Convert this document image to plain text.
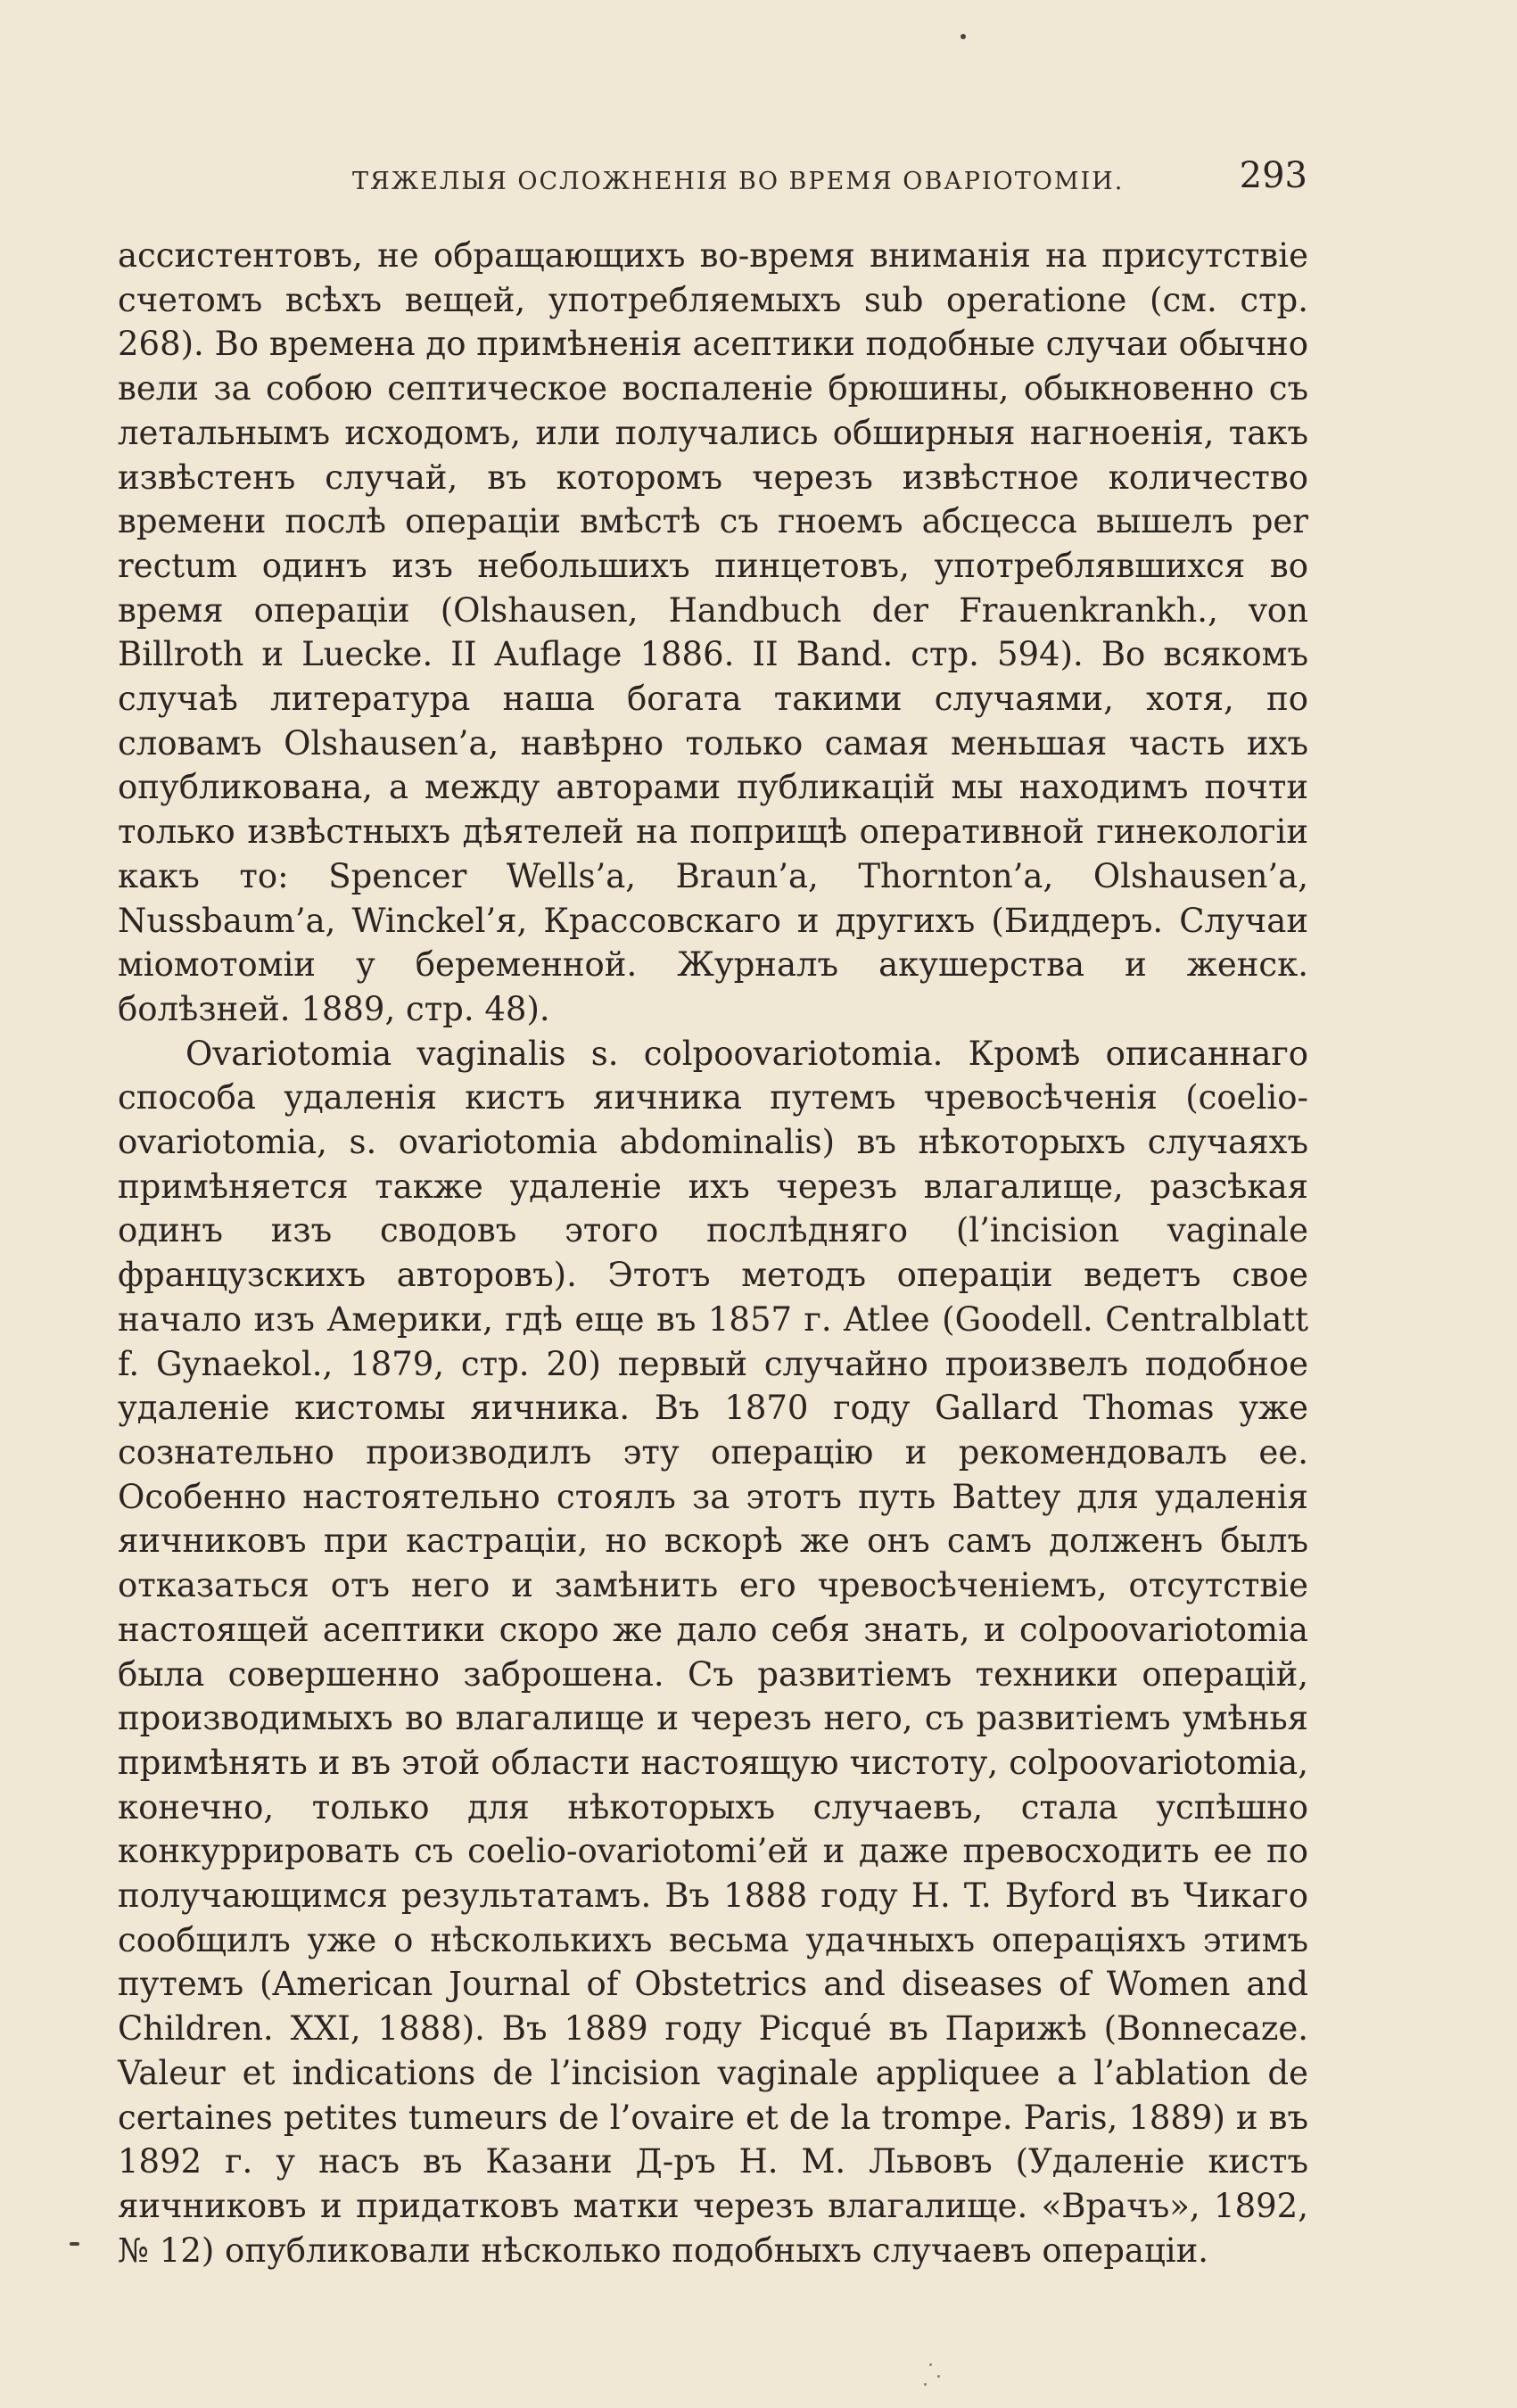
ТЯЖЕЛЫЯ ОСЛОЖНЕНІЯ ВО ВРЕМЯ ОВАРІОТОМІИ.	293

ассистентовъ, не обращающихъ во-время вниманія на присутствіе счетомъ всѣхъ вещей, употребляемыхъ sub operatione (см. стр. 268). Во времена до примѣненія асептики подобные случаи обычно вели за собою септическое воспаленіе брюшины, обыкновенно съ летальнымъ исходомъ, или получались обширныя нагноенія, такъ извѣстенъ случай, въ которомъ черезъ извѣстное количество времени послѣ операціи вмѣстѣ съ гноемъ абсцесса вышелъ per rectum одинъ изъ небольшихъ пинцетовъ, употреблявшихся во время операціи (Olshausen, Handbuch der Frauenkrankh., von Billroth и Luecke. II Auflage 1886. II Band. стр. 594). Во всякомъ случаѣ литература наша богата такими случаями, хотя, по словамъ Olshausen’а, навѣрно только самая меньшая часть ихъ опубликована, а между авторами публикацій мы находимъ почти только извѣстныхъ дѣятелей на поприщѣ оперативной гинекологіи какъ то: Spencer Wells’а, Braun’а, Thornton’а, Olshausen’а, Nussbaum’а, Winckel’я, Крассовскаго и другихъ (Биддеръ. Случаи міомотоміи у беременной. Журналъ акушерства и женск. болѣзней. 1889, стр. 48).

Ovariotomia vaginalis s. colpoovariotomia. Кромѣ описаннаго способа удаленія кистъ яичника путемъ чревосѣченія (coelio-ovariotomia, s. ovariotomia abdominalis) въ нѣкоторыхъ случаяхъ примѣняется также удаленіе ихъ черезъ влагалище, разсѣкая одинъ изъ сводовъ этого послѣдняго (l’incision vaginale французскихъ авторовъ). Этотъ методъ операціи ведетъ свое начало изъ Америки, гдѣ еще въ 1857 г. Atlee (Goodell. Centralblatt f. Gynaekol., 1879, стр. 20) первый случайно произвелъ подобное удаленіе кистомы яичника. Въ 1870 году Gallard Thomas уже сознательно производилъ эту операцію и рекомендовалъ ее. Особенно настоятельно стоялъ за этотъ путь Battey для удаленія яичниковъ при кастраціи, но вскорѣ же онъ самъ долженъ былъ отказаться отъ него и замѣнить его чревосѣченіемъ, отсутствіе настоящей асептики скоро же дало себя знать, и colpoovariotomia была совершенно заброшена. Съ развитіемъ техники операцій, производимыхъ во влагалище и черезъ него, съ развитіемъ умѣнья примѣнять и въ этой области настоящую чистоту, colpoovariotomia, конечно, только для нѣкоторыхъ случаевъ, стала успѣшно конкуррировать съ coelio-ovariotomi’ей и даже превосходить ее по получающимся результатамъ. Въ 1888 году H. T. Byford въ Чикаго сообщилъ уже о нѣсколькихъ весьма удачныхъ операціяхъ этимъ путемъ (American Journal of Obstetrics and diseases of Women and Children. XXI, 1888). Въ 1889 году Picqué въ Парижѣ (Bonnecaze. Valeur et indications de l’incision vaginale appliquee a l’ablation de certaines petites tumeurs de l’ovaire et de la trompe. Paris, 1889) и въ 1892 г. у насъ въ Казани Д-ръ Н. М. Львовъ (Удаленіе кистъ яичниковъ и придатковъ матки черезъ влагалище. «Врачъ», 1892, № 12) опубликовали нѣсколько подобныхъ случаевъ операціи.
